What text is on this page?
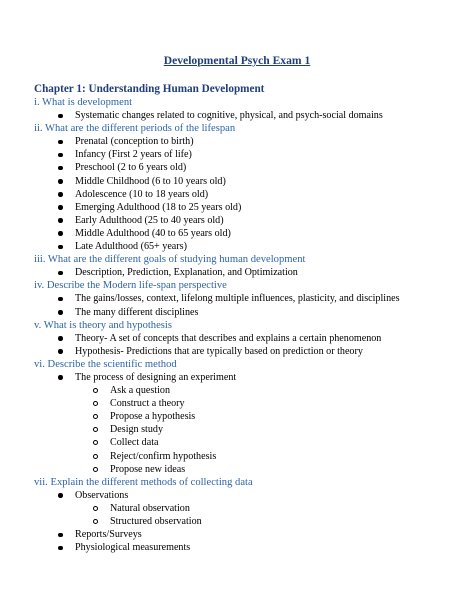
Developmental Psych Exam 1
Chapter 1: Understanding Human Development
i. What is development
Systematic changes related to cognitive, physical, and psych-social domains
ii. What are the different periods of the lifespan
Prenatal (conception to birth)
Infancy (First 2 years of life)
Preschool (2 to 6 years old)
Middle Childhood (6 to 10 years old)
Adolescence (10 to 18 years old)
Emerging Adulthood (18 to 25 years old)
Early Adulthood (25 to 40 years old)
Middle Adulthood (40 to 65 years old)
Late Adulthood (65+ years)
iii. What are the different goals of studying human development
Description, Prediction, Explanation, and Optimization
iv. Describe the Modern life-span perspective
The gains/losses, context, lifelong multiple influences, plasticity, and disciplines
The many different disciplines
v. What is theory and hypothesis
Theory- A set of concepts that describes and explains a certain phenomenon
Hypothesis- Predictions that are typically based on prediction or theory
vi. Describe the scientific method
The process of designing an experiment
Ask a question
Construct a theory
Propose a hypothesis
Design study
Collect data
Reject/confirm hypothesis
Propose new ideas
vii. Explain the different methods of collecting data
Observations
Natural observation
Structured observation
Reports/Surveys
Physiological measurements
